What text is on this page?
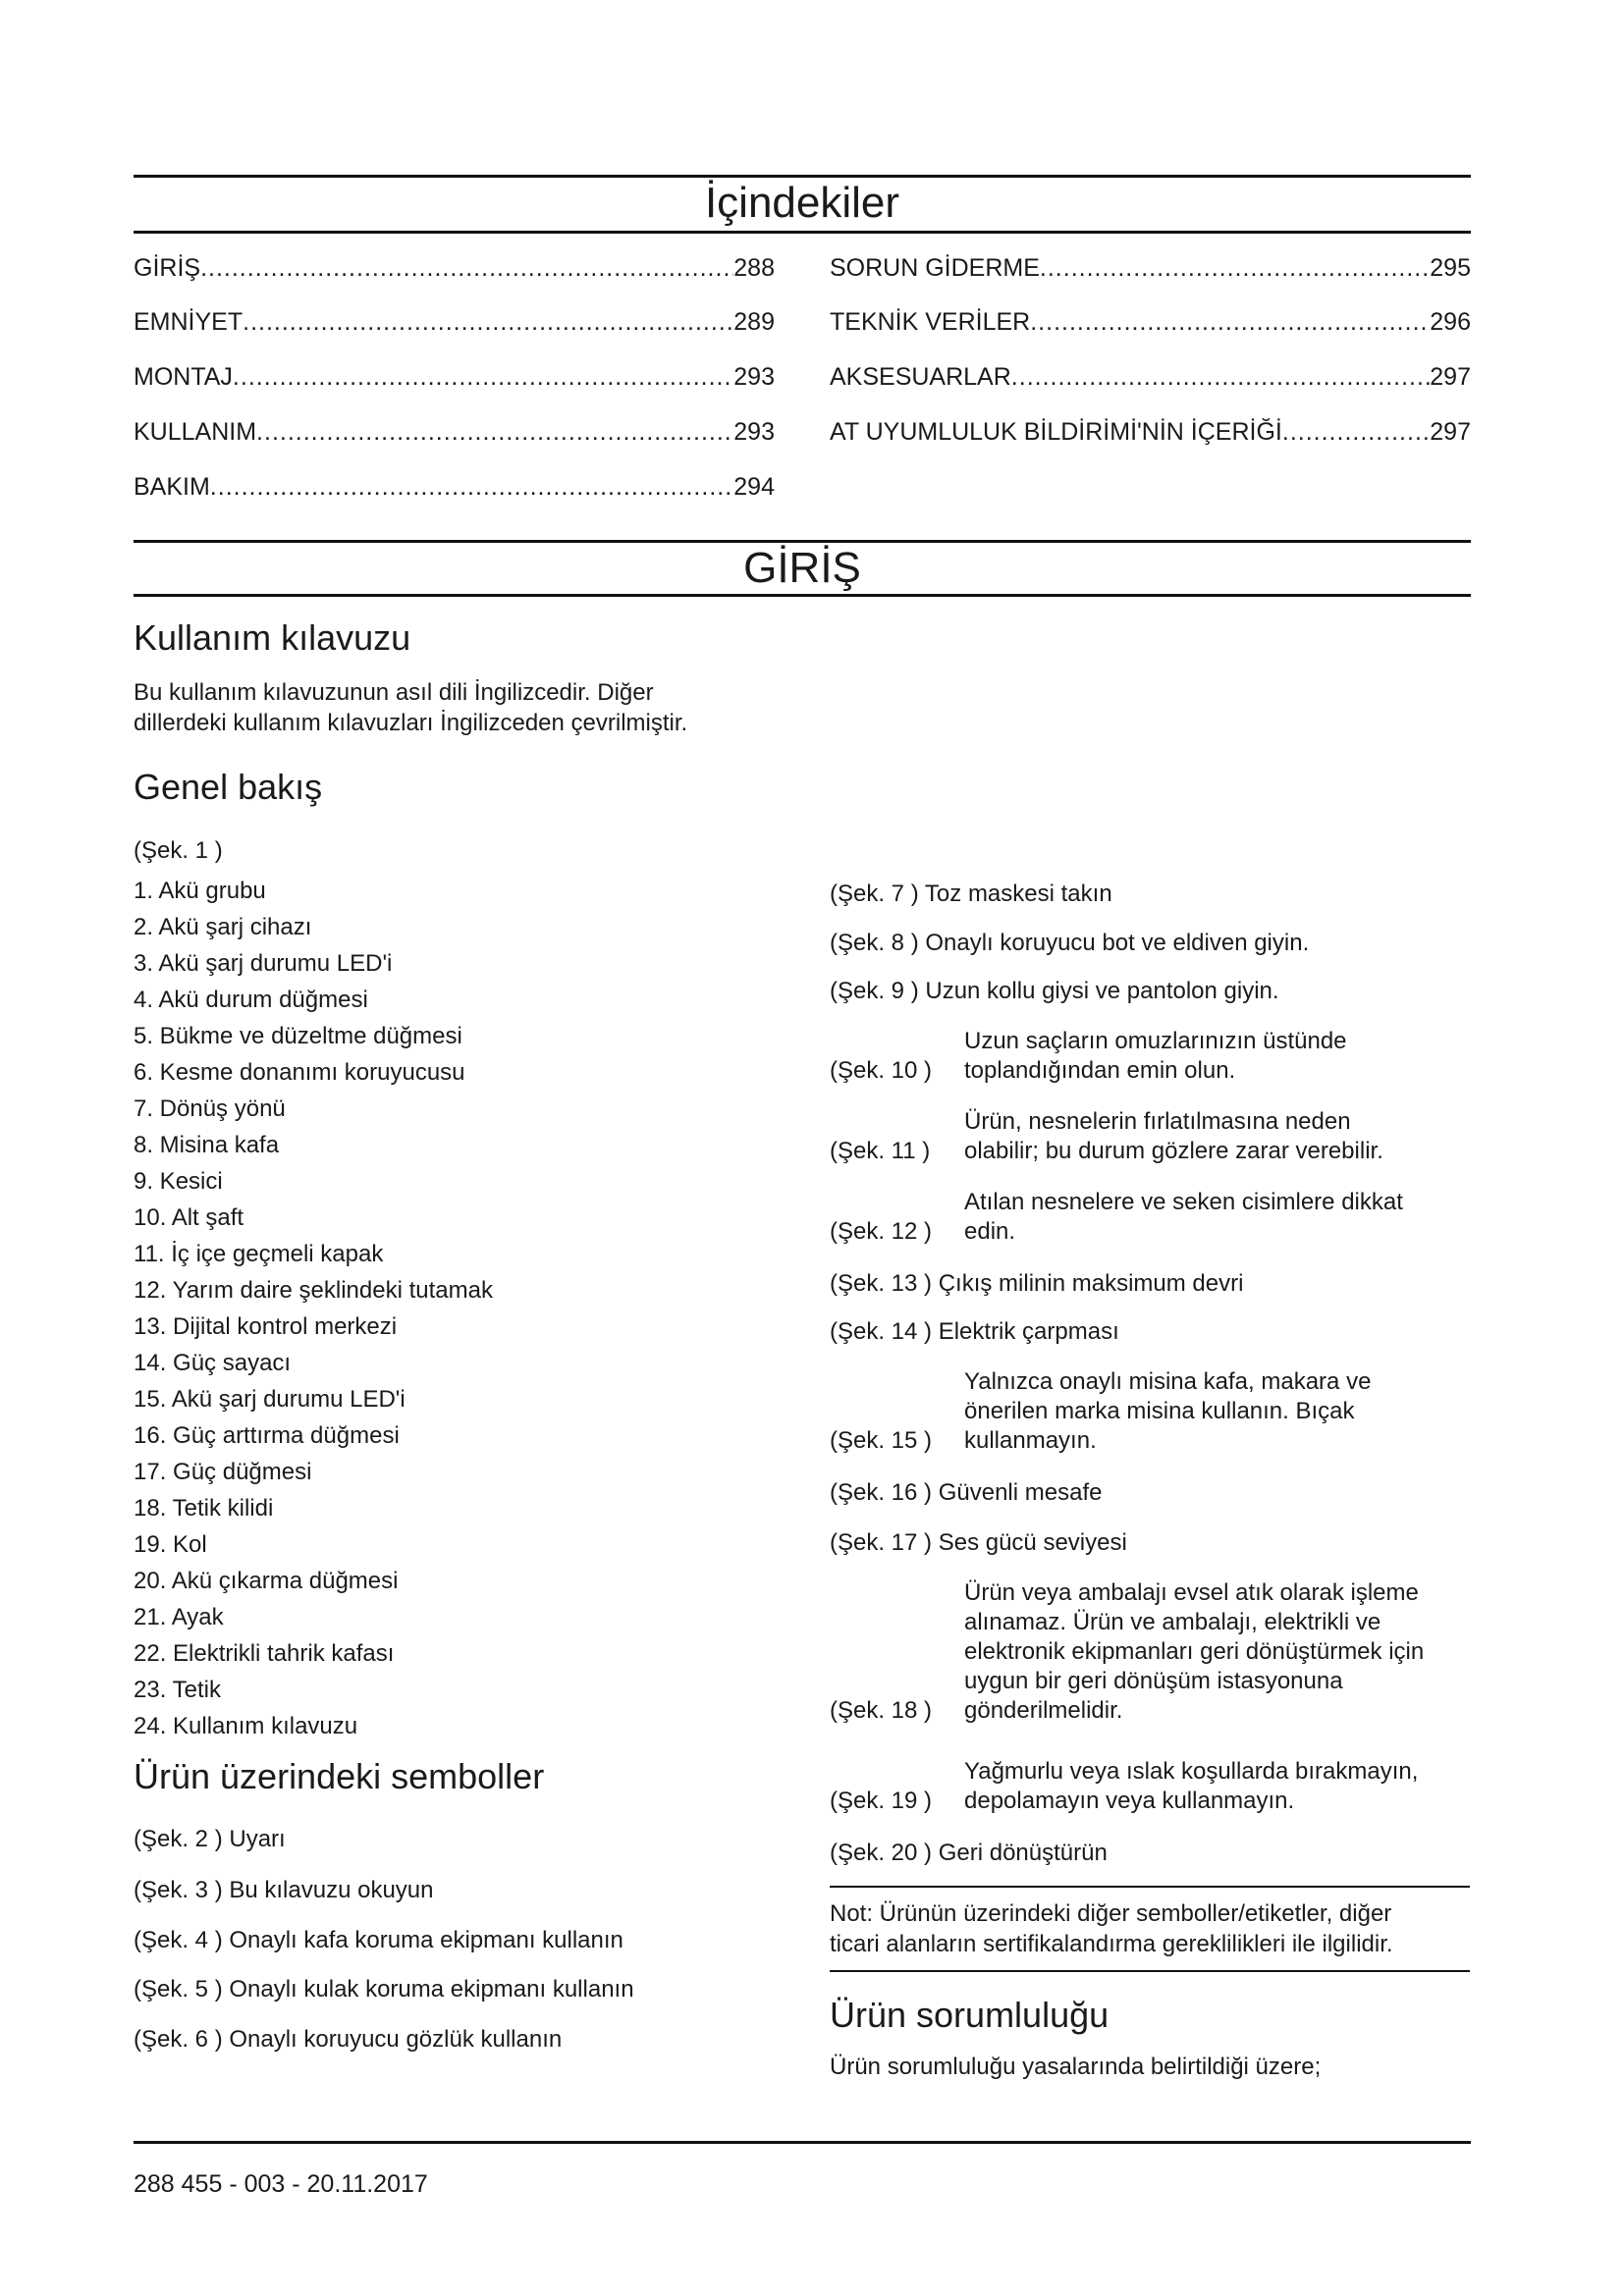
İçindekiler
GİRİŞ .....	288
EMNİYET .....	289
MONTAJ .....	293
KULLANIM .....	293
BAKIM .....	294
SORUN GİDERME .....	295
TEKNİK VERİLER .....	296
AKSESUARLAR .....	297
AT UYUMLULUK BİLDİRİMİ'NİN İÇERİĞİ .....	297
GİRİŞ
Kullanım kılavuzu
Bu kullanım kılavuzunun asıl dili İngilizcedir. Diğer
dillerdeki kullanım kılavuzları İngilizceden çevrilmiştir.
Genel bakış
(Şek. 1 )
1. Akü grubu
2. Akü şarj cihazı
3. Akü şarj durumu LED'i
4. Akü durum düğmesi
5. Bükme ve düzeltme düğmesi
6. Kesme donanımı koruyucusu
7. Dönüş yönü
8. Misina kafa
9. Kesici
10. Alt şaft
11. İç içe geçmeli kapak
12. Yarım daire şeklindeki tutamak
13. Dijital kontrol merkezi
14. Güç sayacı
15. Akü şarj durumu LED'i
16. Güç arttırma düğmesi
17. Güç düğmesi
18. Tetik kilidi
19. Kol
20. Akü çıkarma düğmesi
21. Ayak
22. Elektrikli tahrik kafası
23. Tetik
24. Kullanım kılavuzu
Ürün üzerindeki semboller
(Şek. 2 ) Uyarı
(Şek. 3 ) Bu kılavuzu okuyun
(Şek. 4 ) Onaylı kafa koruma ekipmanı kullanın
(Şek. 5 ) Onaylı kulak koruma ekipmanı kullanın
(Şek. 6 ) Onaylı koruyucu gözlük kullanın
(Şek. 7 ) Toz maskesi takın
(Şek. 8 ) Onaylı koruyucu bot ve eldiven giyin.
(Şek. 9 ) Uzun kollu giysi ve pantolon giyin.
(Şek. 10 )
Uzun saçların omuzlarınızın üstünde
toplandığından emin olun.
(Şek. 11 )
Ürün, nesnelerin fırlatılmasına neden
olabilir; bu durum gözlere zarar verebilir.
(Şek. 12 )
Atılan nesnelere ve seken cisimlere dikkat
edin.
(Şek. 13 ) Çıkış milinin maksimum devri
(Şek. 14 ) Elektrik çarpması
(Şek. 15 )
Yalnızca onaylı misina kafa, makara ve
önerilen marka misina kullanın. Bıçak
kullanmayın.
(Şek. 16 ) Güvenli mesafe
(Şek. 17 ) Ses gücü seviyesi
(Şek. 18 )
Ürün veya ambalajı evsel atık olarak işleme
alınamaz. Ürün ve ambalajı, elektrikli ve
elektronik ekipmanları geri dönüştürmek için
uygun bir geri dönüşüm istasyonuna
gönderilmelidir.
(Şek. 19 )
Yağmurlu veya ıslak koşullarda bırakmayın,
depolamayın veya kullanmayın.
(Şek. 20 ) Geri dönüştürün
Not: Ürünün üzerindeki diğer semboller/etiketler, diğer
ticari alanların sertifikalandırma gereklilikleri ile ilgilidir.
Ürün sorumluluğu
Ürün sorumluluğu yasalarında belirtildiği üzere;
288 455 - 003 - 20.11.2017
